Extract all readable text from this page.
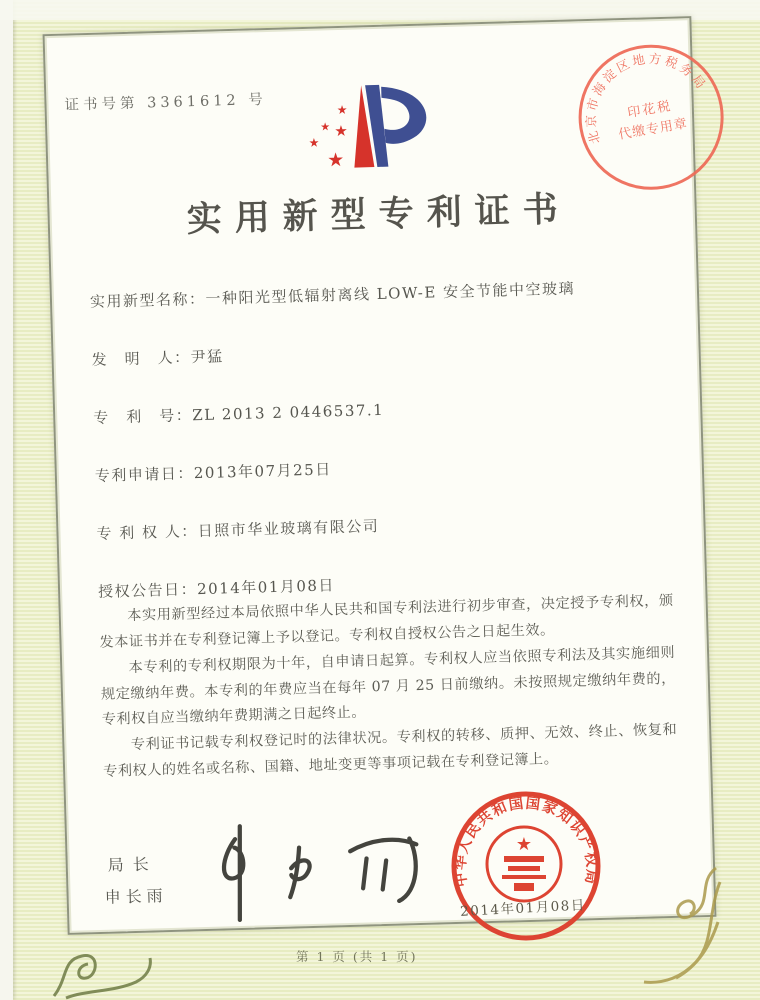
证书号第 3361612 号	★
★ ★
★
★
北京市海淀区地方税务局
印花税
代缴专用章
实用新型专利证书

实用新型名称：一种阳光型低辐射离线 LOW-E 安全节能中空玻璃

发　明　人：尹猛

专　利　号：ZL 2013 2 0446537.1

专利申请日：2013年07月25日

专 利 权 人：日照市华业玻璃有限公司

授权公告日：2014年01月08日

本实用新型经过本局依照中华人民共和国专利法进行初步审查，决定授予专利权，颁发本证书并在专利登记簿上予以登记。专利权自授权公告之日起生效。

本专利的专利权期限为十年，自申请日起算。专利权人应当依照专利法及其实施细则规定缴纳年费。本专利的年费应当在每年 07 月 25 日前缴纳。未按照规定缴纳年费的，专利权自应当缴纳年费期满之日起终止。

专利证书记载专利权登记时的法律状况。专利权的转移、质押、无效、终止、恢复和专利权人的姓名或名称、国籍、地址变更等事项记载在专利登记簿上。

局长
申长雨
中华人民共和国国家知识产权局
★
2014年01月08日
第 1 页 (共 1 页)
